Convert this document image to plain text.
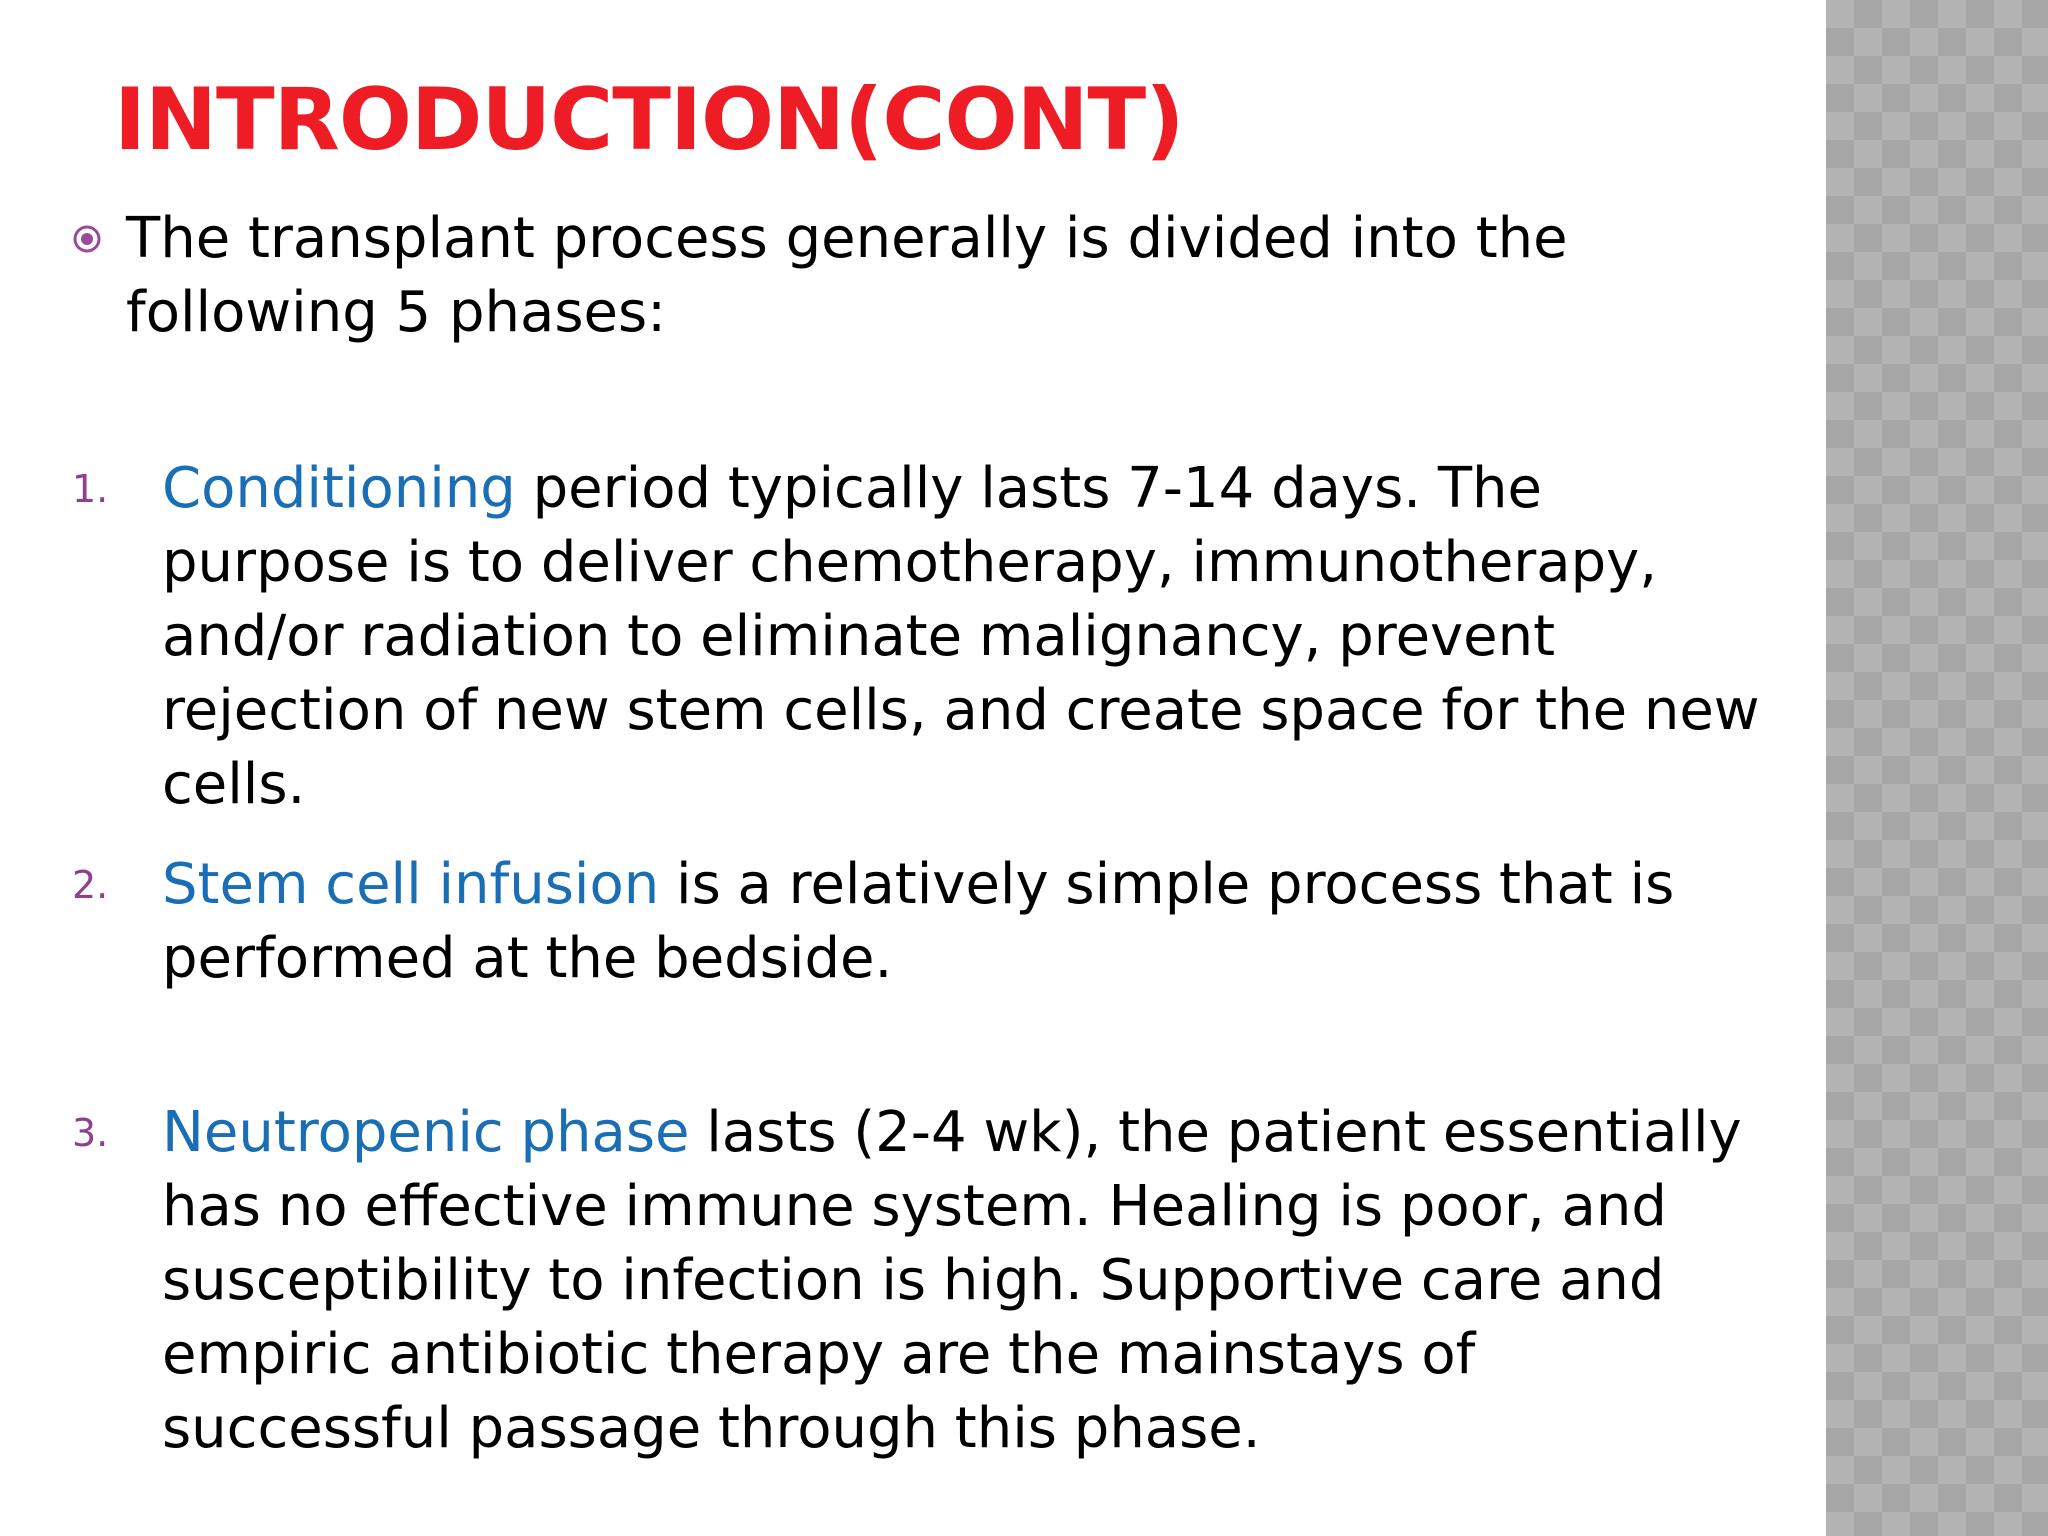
INTRODUCTION(CONT)
The transplant process generally is divided into the following 5 phases:
1. Conditioning period typically lasts 7-14 days. The purpose is to deliver chemotherapy, immunotherapy, and/or radiation to eliminate malignancy, prevent rejection of new stem cells, and create space for the new cells.
2. Stem cell infusion is a relatively simple process that is performed at the bedside.
3. Neutropenic phase lasts (2-4 wk), the patient essentially has no effective immune system. Healing is poor, and susceptibility to infection is high. Supportive care and empiric antibiotic therapy are the mainstays of successful passage through this phase.
